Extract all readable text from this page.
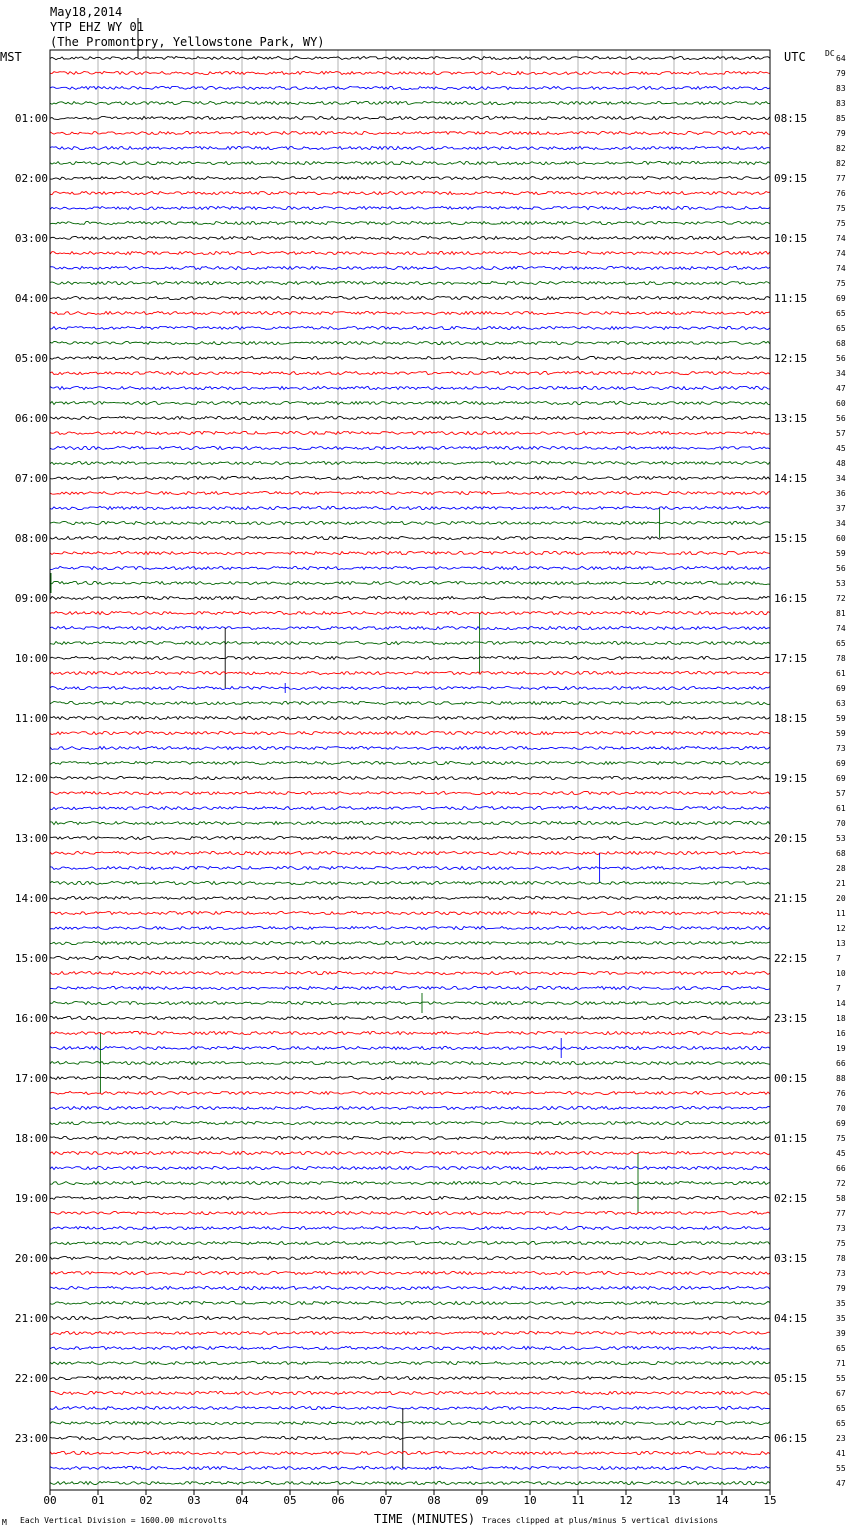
May18,2014
YTP EHZ WY 01
(The Promontory, Yellowstone Park, WY)
MST	UTC DC
00	01	02	03	04	05	06	07	08	09	10	11	12	13	14	15
64
79
83
83
85
79
82
82
77
76
75
75
74
74
74
75
69
65
65
68
56
34
47
60
56
57
45
48
34
36
37
34
60
59
56
53
72
81
74
65
78
61
69
63
59
59
73
69
69
57
61
70
53
68
28
21
20
11
12
13
7
10
7
14
18
16
19
66
88
76
70
69
75
45
66
72
58
77
73
75
78
73
79
35
35
39
65
71
55
67
65
65
23
41
55
47
01:00
02:00
03:00
04:00
05:00
06:00
07:00
08:00
09:00
10:00
11:00
12:00
13:00
14:00
15:00
16:00
17:00
18:00
19:00
20:00
21:00
22:00
23:00
08:15
09:15
10:15
11:15
12:15
13:15
14:15
15:15
16:15
17:15
18:15
19:15
20:15
21:15
22:15
23:15
00:15
01:15
02:15
03:15
04:15
05:15
06:15
M Each Vertical Division = 1600.00 microvolts	TIME (MINUTES) Traces clipped at plus/minus 5 vertical divisions
